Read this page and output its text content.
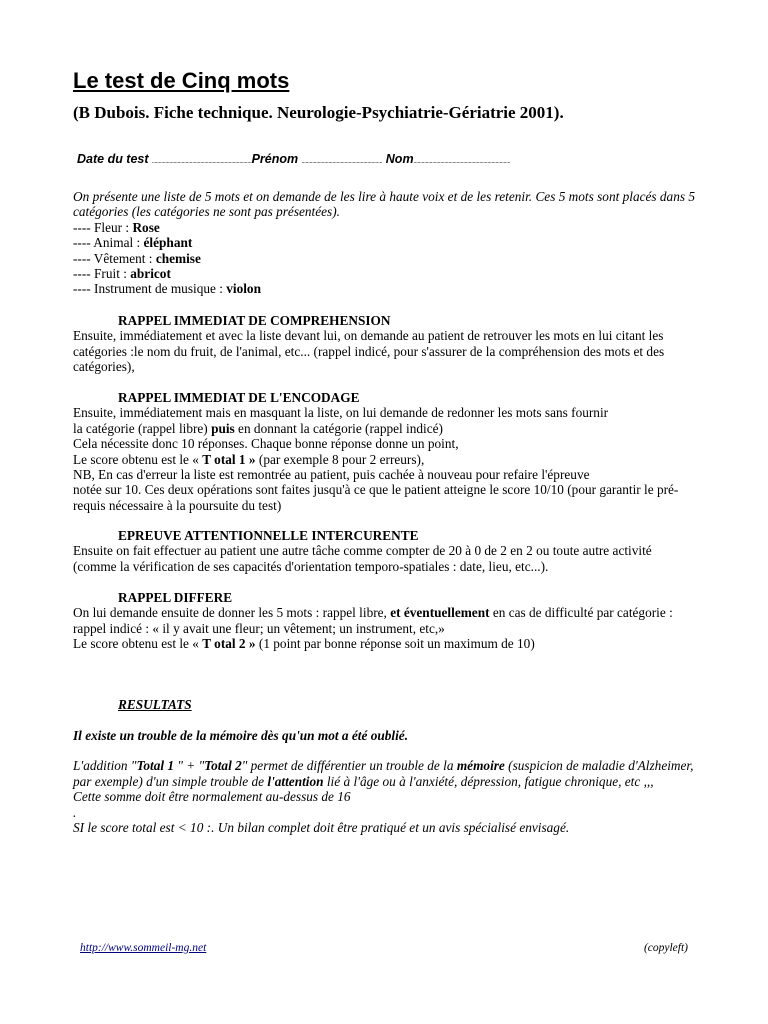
Le test de Cinq mots
(B Dubois. Fiche technique. Neurologie-Psychiatrie-Gériatrie 2001).
Date du test ..........................................................................Prénom ............................................................ Nom........................................................................

On présente une liste de 5 mots et on demande de les lire à haute voix et de les retenir. Ces 5 mots sont placés dans 5 catégories (les catégories ne sont pas présentées).

---- Fleur : Rose

---- Animal : éléphant

---- Vêtement : chemise

---- Fruit : abricot

---- Instrument de musique : violon

RAPPEL IMMEDIAT DE COMPREHENSION

Ensuite, immédiatement et avec la liste devant lui, on demande au patient de retrouver les mots en lui citant les catégories :le nom du fruit, de l'animal, etc... (rappel indicé, pour s'assurer de la compréhension des mots et des catégories),

RAPPEL IMMEDIAT DE L'ENCODAGE

Ensuite, immédiatement mais en masquant la liste, on lui demande de redonner les mots sans fournir

la catégorie (rappel libre) puis en donnant la catégorie (rappel indicé)

Cela nécessite donc 10 réponses. Chaque bonne réponse donne un point,

Le score obtenu est le « T otal 1 » (par exemple 8 pour 2 erreurs),

NB, En cas d'erreur la liste est remontrée au patient, puis cachée à nouveau pour refaire l'épreuve

notée sur 10. Ces deux opérations sont faites jusqu'à ce que le patient atteigne le score 10/10 (pour garantir le pré-requis nécessaire à la poursuite du test)

EPREUVE ATTENTIONNELLE INTERCURENTE

Ensuite on fait effectuer au patient une autre tâche comme compter de 20 à 0 de 2 en 2 ou toute autre activité (comme la vérification de ses capacités d'orientation temporo-spatiales : date, lieu, etc...).

RAPPEL DIFFERE

On lui demande ensuite de donner les 5 mots : rappel libre, et éventuellement en cas de difficulté par catégorie : rappel indicé : « il y avait une fleur; un vêtement; un instrument, etc,»

Le score obtenu est le « T otal 2 » (1 point par bonne réponse soit un maximum de 10)

RESULTATS

Il existe un trouble de la mémoire dès qu'un mot a été oublié.

L'addition "Total 1 " + "Total 2" permet de différentier un trouble de la mémoire (suspicion de maladie d'Alzheimer, par exemple) d'un simple trouble de l'attention lié à l'âge ou à l'anxiété, dépression, fatigue chronique, etc ,,,

Cette somme doit être normalement au-dessus de 16

.

SI le score total est < 10 :. Un bilan complet doit être pratiqué et un avis spécialisé envisagé.

http://www.sommeil-mg.net	(copyleft)
